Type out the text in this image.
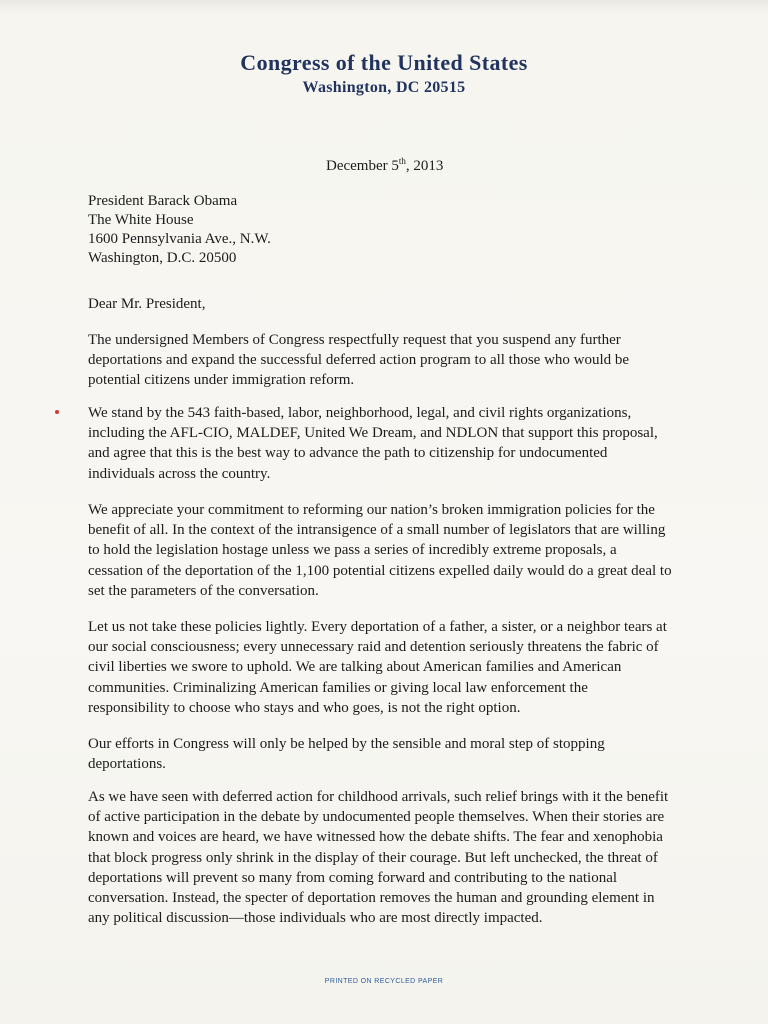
Congress of the United States
Washington, DC 20515
December 5th, 2013
President Barack Obama
The White House
1600 Pennsylvania Ave., N.W.
Washington, D.C. 20500
Dear Mr. President,
The undersigned Members of Congress respectfully request that you suspend any further
deportations and expand the successful deferred action program to all those who would be
potential citizens under immigration reform.
We stand by the 543 faith-based, labor, neighborhood, legal, and civil rights organizations,
including the AFL-CIO, MALDEF, United We Dream, and NDLON that support this proposal,
and agree that this is the best way to advance the path to citizenship for undocumented
individuals across the country.
We appreciate your commitment to reforming our nation’s broken immigration policies for the
benefit of all. In the context of the intransigence of a small number of legislators that are willing
to hold the legislation hostage unless we pass a series of incredibly extreme proposals, a
cessation of the deportation of the 1,100 potential citizens expelled daily would do a great deal to
set the parameters of the conversation.
Let us not take these policies lightly. Every deportation of a father, a sister, or a neighbor tears at
our social consciousness; every unnecessary raid and detention seriously threatens the fabric of
civil liberties we swore to uphold. We are talking about American families and American
communities. Criminalizing American families or giving local law enforcement the
responsibility to choose who stays and who goes, is not the right option.
Our efforts in Congress will only be helped by the sensible and moral step of stopping
deportations.
As we have seen with deferred action for childhood arrivals, such relief brings with it the benefit
of active participation in the debate by undocumented people themselves. When their stories are
known and voices are heard, we have witnessed how the debate shifts. The fear and xenophobia
that block progress only shrink in the display of their courage. But left unchecked, the threat of
deportations will prevent so many from coming forward and contributing to the national
conversation. Instead, the specter of deportation removes the human and grounding element in
any political discussion—those individuals who are most directly impacted.
PRINTED ON RECYCLED PAPER
